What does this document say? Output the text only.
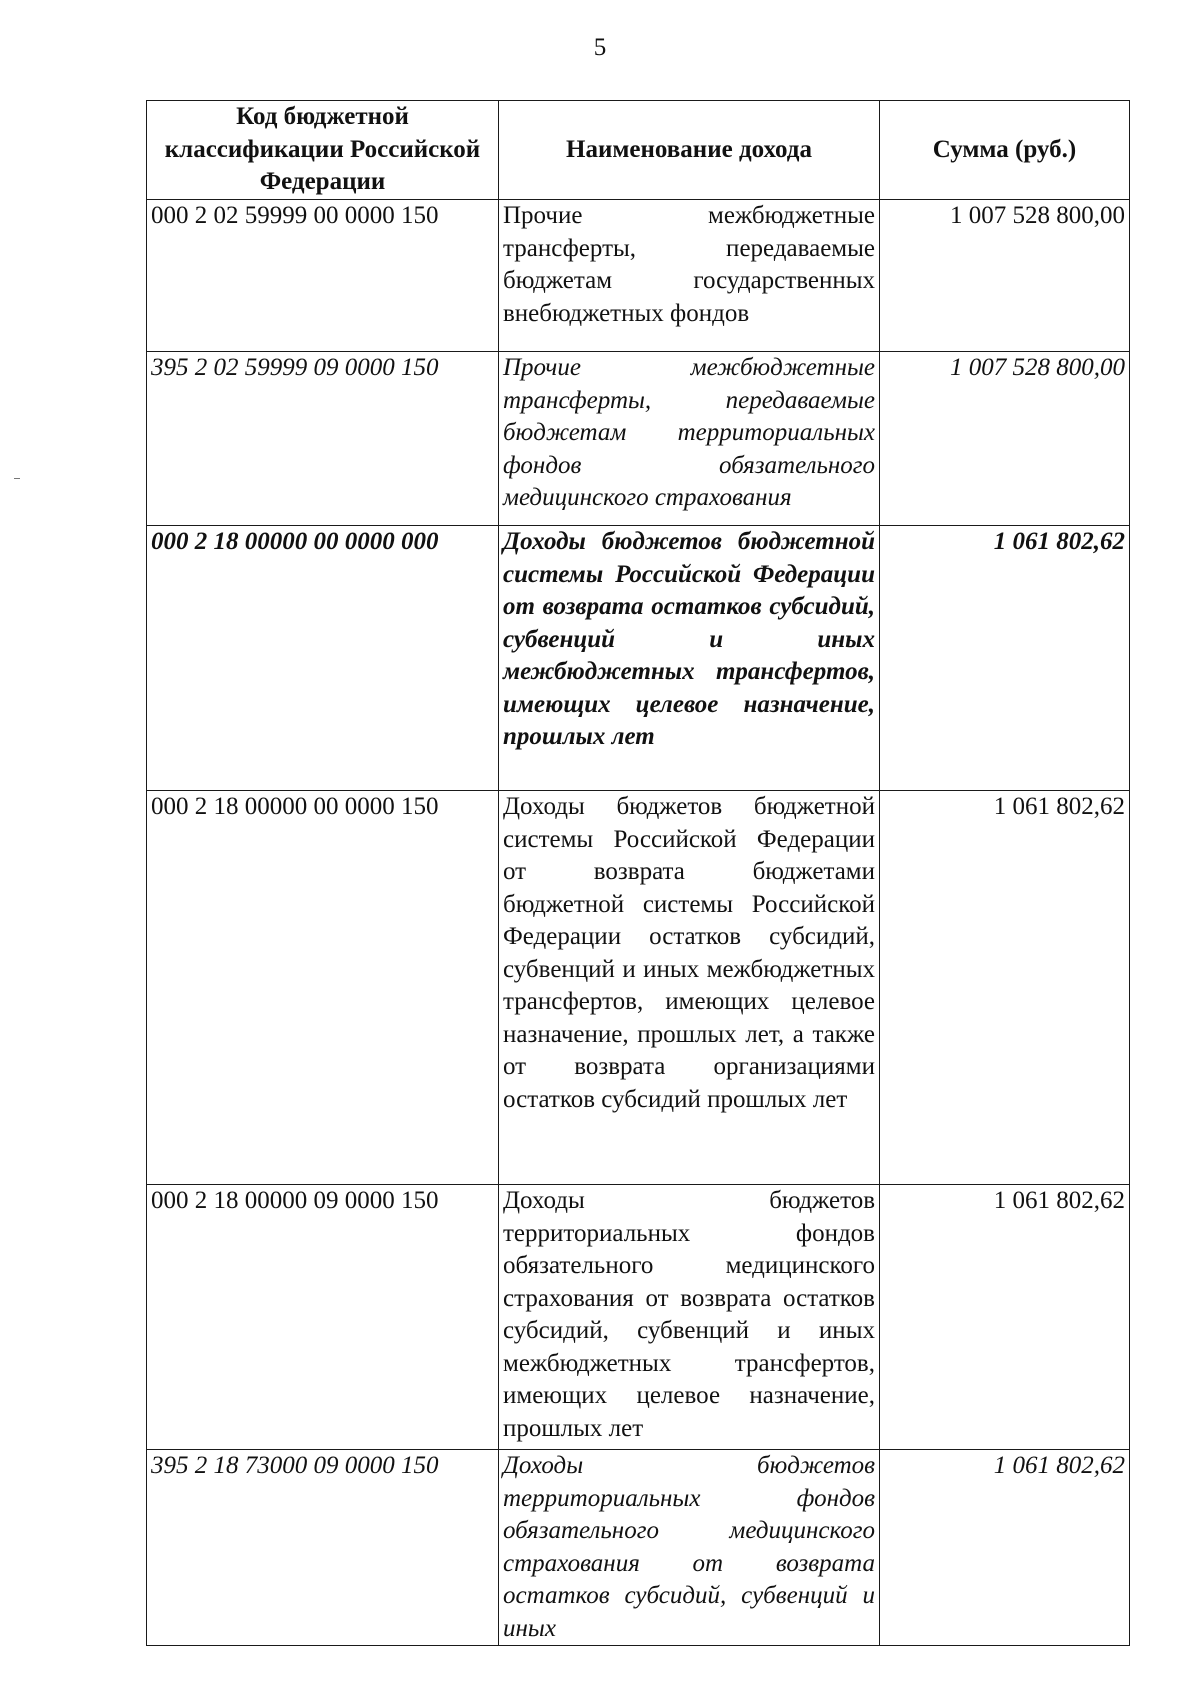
5
Код бюджетной классификации Российской Федерации	Наименование дохода	Сумма (руб.)
000 2 02 59999 00 0000 150	Прочие межбюджетные трансферты, передаваемые бюджетам государственных внебюджетных фондов	1 007 528 800,00
395 2 02 59999 09 0000 150	Прочие межбюджетные трансферты, передаваемые бюджетам территориальных фондов обязательного медицинского страхования	1 007 528 800,00
000 2 18 00000 00 0000 000	Доходы бюджетов бюджетной системы Российской Федерации от возврата остатков субсидий, субвенций и иных межбюджетных трансфертов, имеющих целевое назначение, прошлых лет	1 061 802,62
000 2 18 00000 00 0000 150	Доходы бюджетов бюджетной системы Российской Федерации от возврата бюджетами бюджетной системы Российской Федерации остатков субсидий, субвенций и иных межбюджетных трансфертов, имеющих целевое назначение, прошлых лет, а также от возврата организациями остатков субсидий прошлых лет	1 061 802,62
000 2 18 00000 09 0000 150	Доходы бюджетов территориальных фондов обязательного медицинского страхования от возврата остатков субсидий, субвенций и иных межбюджетных трансфертов, имеющих целевое назначение, прошлых лет	1 061 802,62
395 2 18 73000 09 0000 150	Доходы бюджетов территориальных фондов обязательного медицинского страхования от возврата остатков субсидий, субвенций и иных	1 061 802,62
